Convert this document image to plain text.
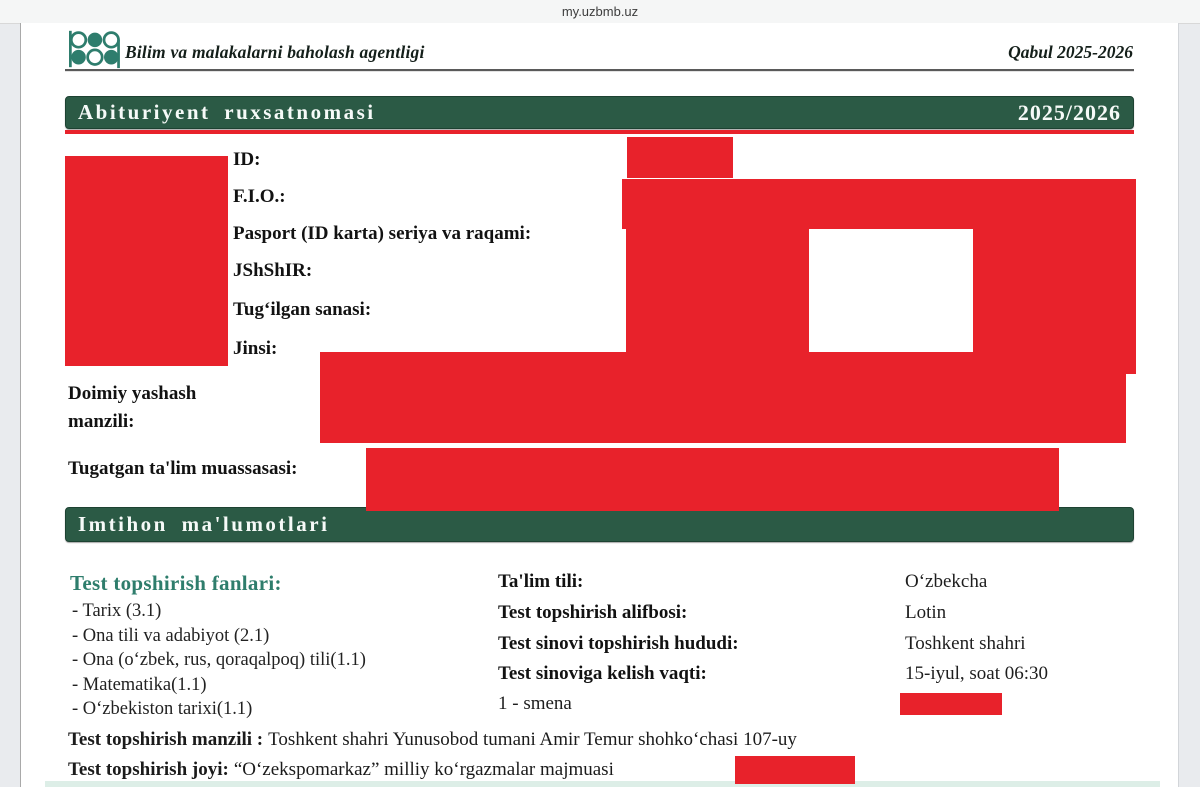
my.uzbmb.uz
Bilim va malakalarni baholash agentligi	Qabul 2025-2026
Abituriyent ruxsatnomasi	2025/2026
ID:
F.I.O.:
Pasport (ID karta) seriya va raqami:
JShShIR:
Tugʻilgan sanasi:
Jinsi:
Doimiy yashash
manzili:
Tugatgan ta'lim muassasasi:
Imtihon ma'lumotlari
Test topshirish fanlari:
- Tarix (3.1)
- Ona tili va adabiyot (2.1)
- Ona (oʻzbek, rus, qoraqalpoq) tili(1.1)
- Matematika(1.1)
- Oʻzbekiston tarixi(1.1)
Ta'lim tili:
Test topshirish alifbosi:
Test sinovi topshirish hududi:
Test sinoviga kelish vaqti:
1 - smena
Oʻzbekcha
Lotin
Toshkent shahri
15-iyul, soat 06:30
Test topshirish manzili : Toshkent shahri Yunusobod tumani Amir Temur shohkoʻchasi 107-uy
Test topshirish joyi: “Oʻzekspomarkaz” milliy koʻrgazmalar majmuasi
